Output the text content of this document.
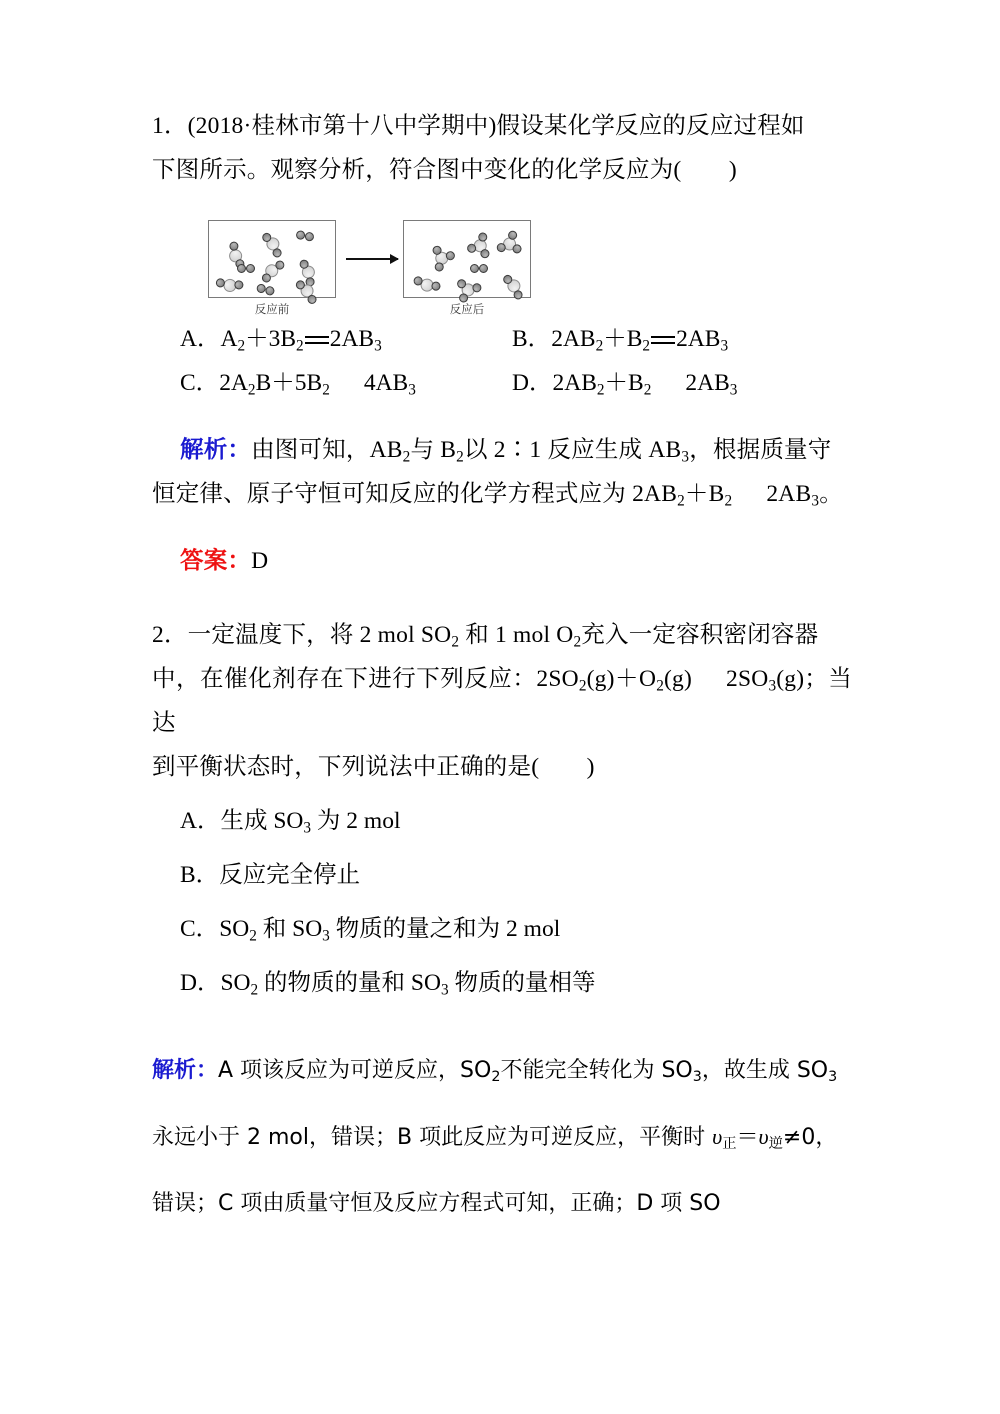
1．(2018·桂林市第十八中学期中)假设某化学反应的反应过程如

下图所示。观察分析，符合图中变化的化学反应为(　　)

反应前	反应后
A．$A_2+3B_2$ $2AB_3$	B．$2AB_2+B_2$ $2AB_3$
C．$2A_2B+5B_2$ $4AB_3$	D．$2AB_2+B_2$ $2AB_3$

解析：由图可知，$AB_2$与 $B_2$以 2∶1 反应生成 $AB_3$，根据质量守

恒定律、原子守恒可知反应的化学方程式应为 $2AB_2+B_2$ $2AB_3$。

答案：D

2．一定温度下，将 2 mol $SO_2$ 和 1 mol $O_2$充入一定容积密闭容器

中，在催化剂存在下进行下列反应：$2SO_2(g)+O_2(g)$ $2SO_3(g)$；当达

到平衡状态时，下列说法中正确的是(　　)

A．生成 $SO_3$ 为 2 mol

B．反应完全停止

C．$SO_2$ 和 $SO_3$ 物质的量之和为 2 mol

D．$SO_2$ 的物质的量和 $SO_3$ 物质的量相等

解析：A 项该反应为可逆反应，$SO_2$不能完全转化为 $SO_3$，故生成 $SO_3$

永远小于 2 mol，错误；B 项此反应为可逆反应，平衡时 $\upsilon_正=\upsilon_逆\ne 0$，

错误；C 项由质量守恒及反应方程式可知，正确；D 项 SO
